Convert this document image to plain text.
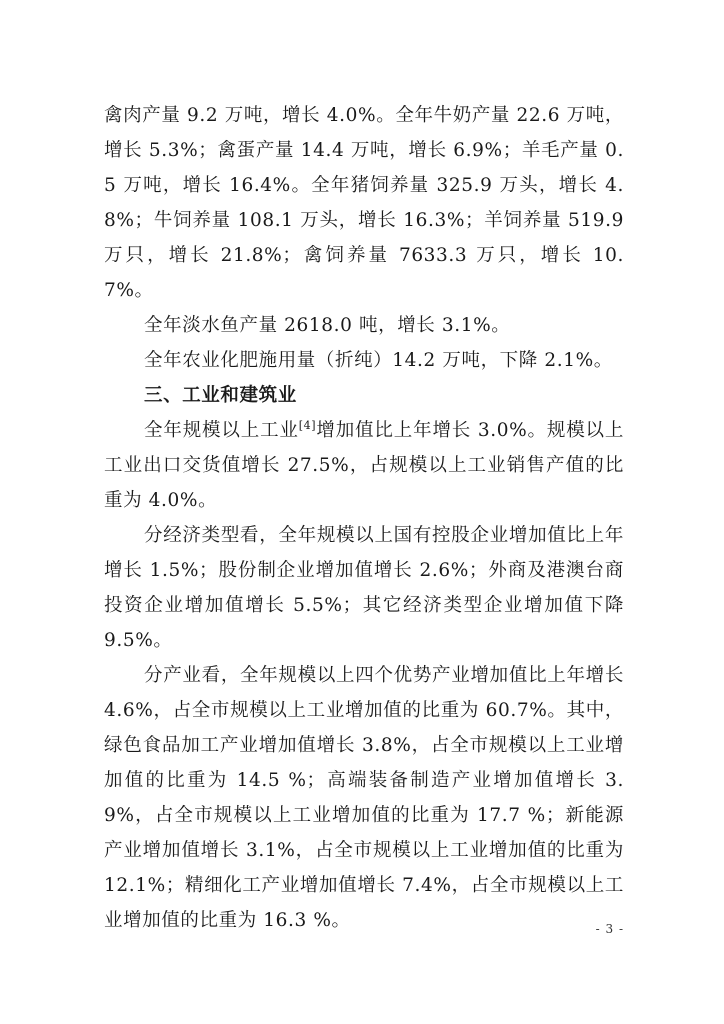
禽肉产量 9.2 万吨，增长 4.0%。全年牛奶产量 22.6 万吨，增长 5.3%；禽蛋产量 14.4 万吨，增长 6.9%；羊毛产量 0.5 万吨，增长 16.4%。全年猪饲养量 325.9 万头，增长 4.8%；牛饲养量 108.1 万头，增长 16.3%；羊饲养量 519.9 万只，增长 21.8%；禽饲养量 7633.3 万只，增长 10.7%。

全年淡水鱼产量 2618.0 吨，增长 3.1%。

全年农业化肥施用量（折纯）14.2 万吨，下降 2.1%。

三、工业和建筑业

全年规模以上工业[4]增加值比上年增长 3.0%。规模以上工业出口交货值增长 27.5%，占规模以上工业销售产值的比重为 4.0%。

分经济类型看，全年规模以上国有控股企业增加值比上年增长 1.5%；股份制企业增加值增长 2.6%；外商及港澳台商投资企业增加值增长 5.5%；其它经济类型企业增加值下降 9.5%。

分产业看，全年规模以上四个优势产业增加值比上年增长 4.6%，占全市规模以上工业增加值的比重为 60.7%。其中，绿色食品加工产业增加值增长 3.8%，占全市规模以上工业增加值的比重为 14.5 %；高端装备制造产业增加值增长 3.9%，占全市规模以上工业增加值的比重为 17.7 %；新能源产业增加值增长 3.1%，占全市规模以上工业增加值的比重为 12.1%；精细化工产业增加值增长 7.4%，占全市规模以上工业增加值的比重为 16.3 %。	- 3 -
